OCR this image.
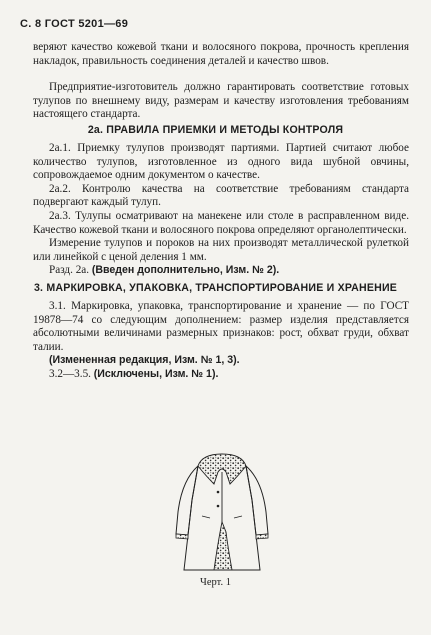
С. 8 ГОСТ 5201—69

веряют качество кожевой ткани и волосяного покрова, прочность крепления накладок, правильность соединения деталей и качество швов.

Предприятие-изготовитель должно гарантировать соответствие готовых тулупов по внешнему виду, размерам и качеству изготовления требованиям настоящего стандарта.

2а. ПРАВИЛА ПРИЕМКИ И МЕТОДЫ КОНТРОЛЯ

2а.1. Приемку тулупов производят партиями. Партией считают любое количество тулупов, изготовленное из одного вида шубной овчины, сопровождаемое одним документом о качестве.

2а.2. Контролю качества на соответствие требованиям стандарта подвергают каждый тулуп.

2а.3. Тулупы осматривают на манекене или столе в расправленном виде. Качество кожевой ткани и волосяного покрова определяют органолептически.

Измерение тулупов и пороков на них производят металлической рулеткой или линейкой с ценой деления 1 мм.

Разд. 2а. (Введен дополнительно, Изм. № 2).

3. МАРКИРОВКА, УПАКОВКА, ТРАНСПОРТИРОВАНИЕ И ХРАНЕНИЕ

3.1. Маркировка, упаковка, транспортирование и хранение — по ГОСТ 19878—74 со следующим дополнением: размер изделия представляется абсолютными величинами размерных признаков: рост, обхват груди, обхват талии.

(Измененная редакция, Изм. № 1, 3).

3.2—3.5. (Исключены, Изм. № 1).

Черт. 1
